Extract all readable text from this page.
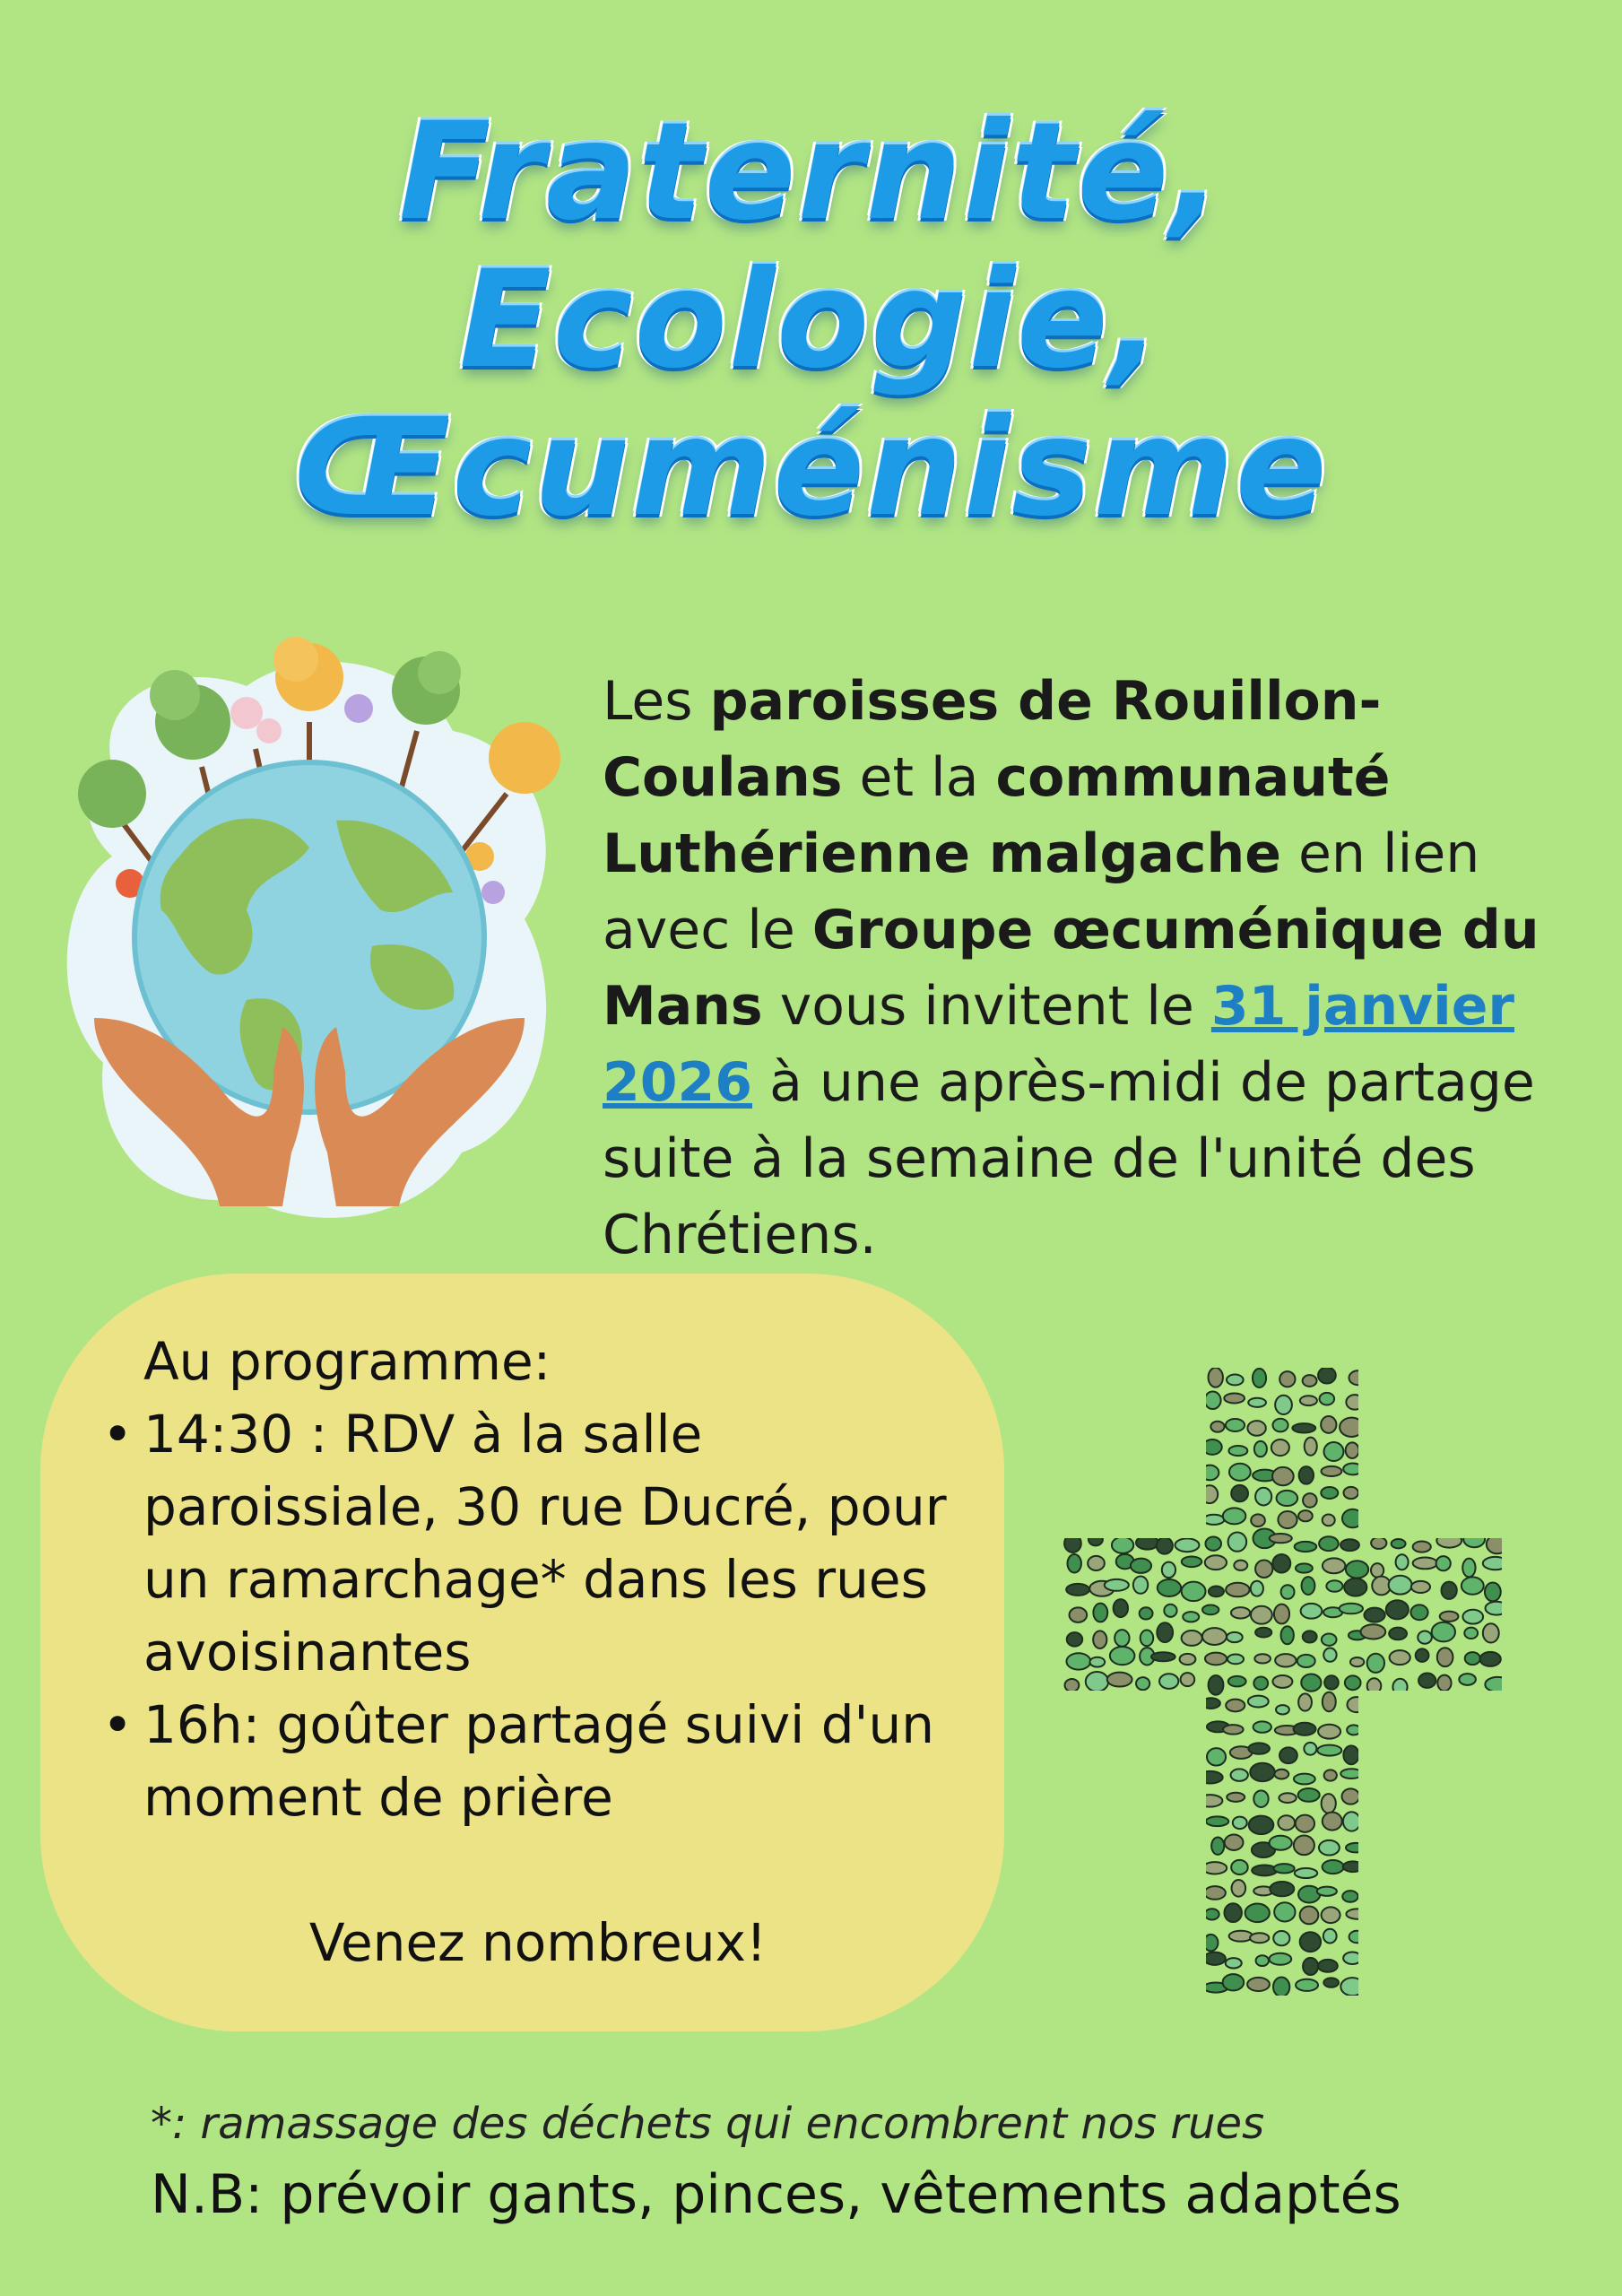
Fraternité,
Ecologie,
Œcuménisme
Les paroisses de Rouillon-Coulans et la communauté Luthérienne malgache en lien avec le Groupe œcuménique du Mans vous invitent le 31 janvier 2026 à une après-midi de partage suite à la semaine de l'unité des Chrétiens.
Au programme:
• 14:30 : RDV à la salle paroissiale, 30 rue Ducré, pour un ramarchage* dans les rues avoisinantes
• 16h: goûter partagé suivi d'un moment de prière
Venez nombreux!
*: ramassage des déchets qui encombrent nos rues
N.B: prévoir gants, pinces, vêtements adaptés
